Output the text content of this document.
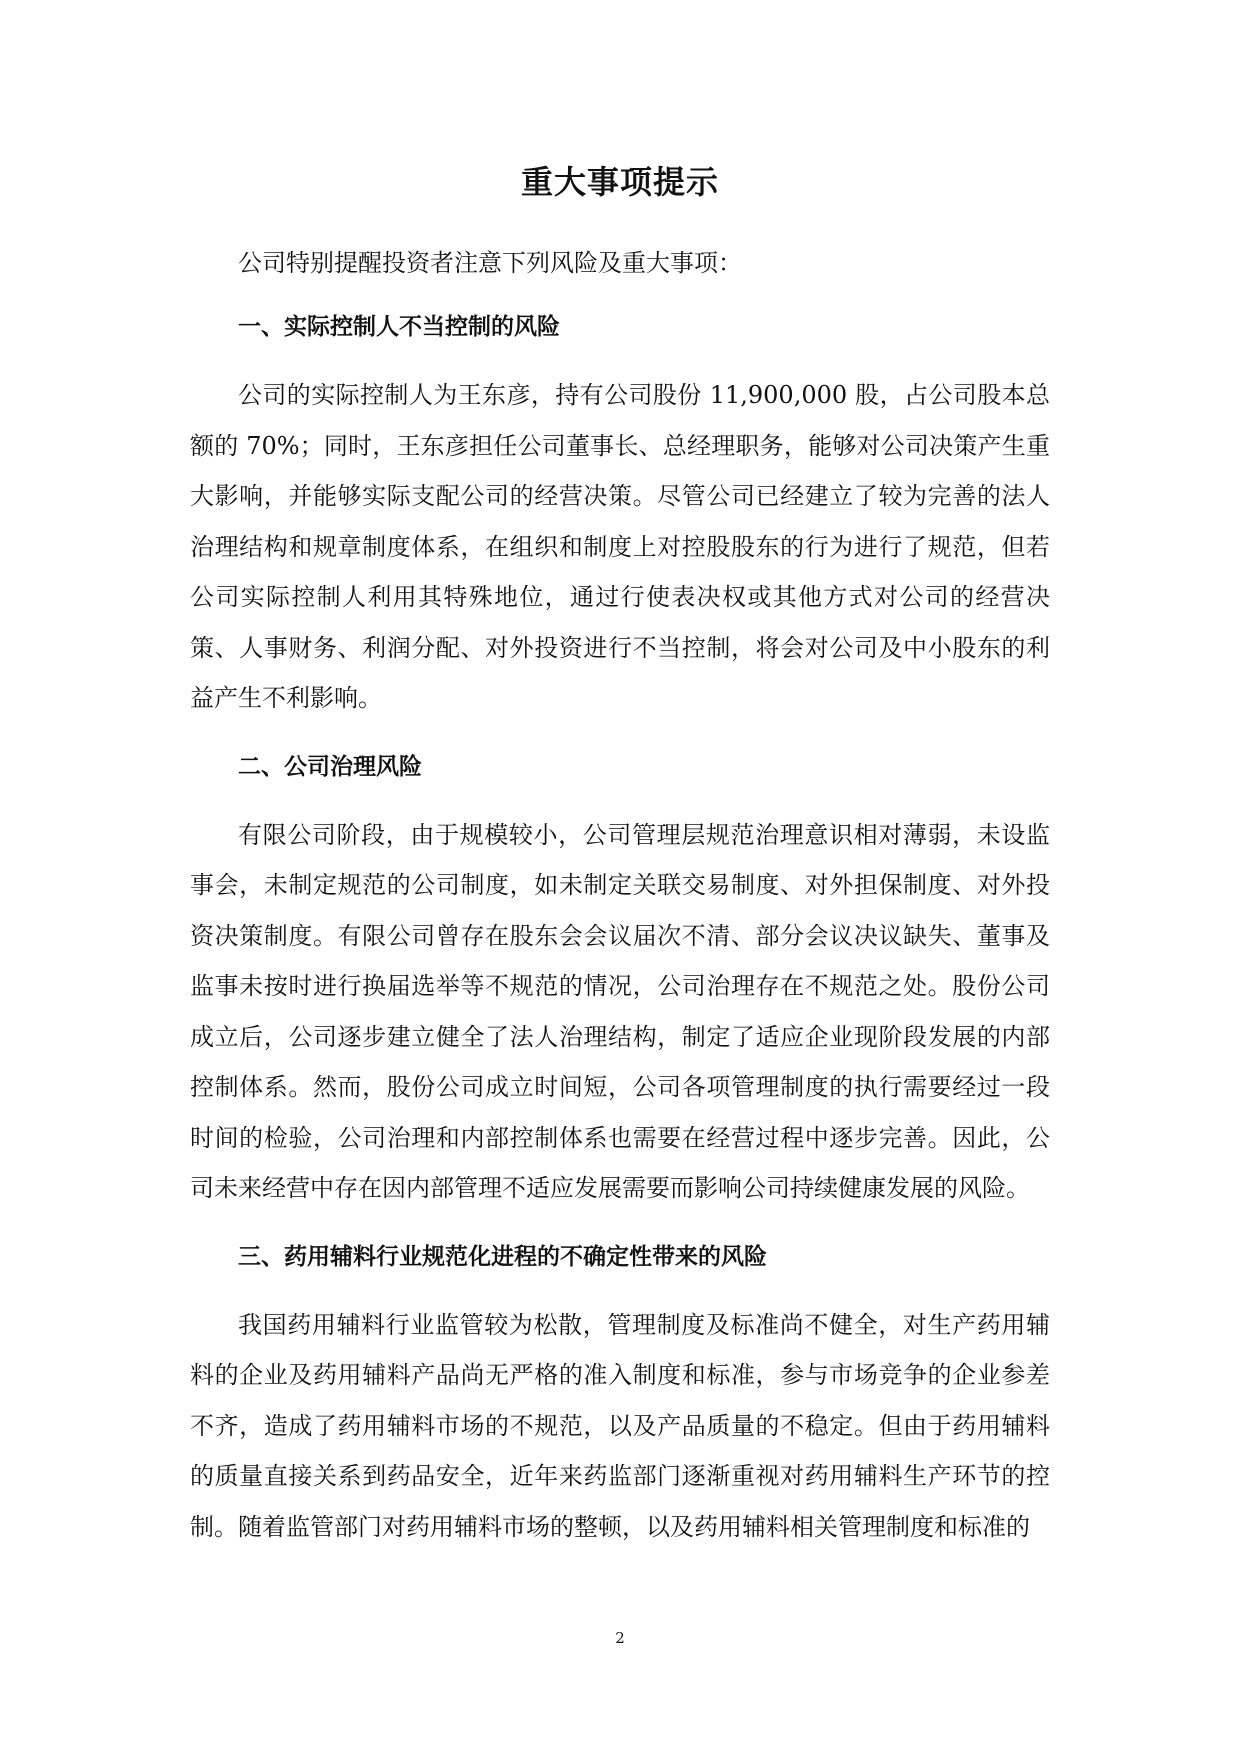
重大事项提示

公司特别提醒投资者注意下列风险及重大事项：

一、实际控制人不当控制的风险

公司的实际控制人为王东彦，持有公司股份 11,900,000 股，占公司股本总额的 70%；同时，王东彦担任公司董事长、总经理职务，能够对公司决策产生重大影响，并能够实际支配公司的经营决策。尽管公司已经建立了较为完善的法人治理结构和规章制度体系，在组织和制度上对控股股东的行为进行了规范，但若公司实际控制人利用其特殊地位，通过行使表决权或其他方式对公司的经营决策、人事财务、利润分配、对外投资进行不当控制，将会对公司及中小股东的利益产生不利影响。

二、公司治理风险

有限公司阶段，由于规模较小，公司管理层规范治理意识相对薄弱，未设监事会，未制定规范的公司制度，如未制定关联交易制度、对外担保制度、对外投资决策制度。有限公司曾存在股东会会议届次不清、部分会议决议缺失、董事及监事未按时进行换届选举等不规范的情况，公司治理存在不规范之处。股份公司成立后，公司逐步建立健全了法人治理结构，制定了适应企业现阶段发展的内部控制体系。然而，股份公司成立时间短，公司各项管理制度的执行需要经过一段时间的检验，公司治理和内部控制体系也需要在经营过程中逐步完善。因此，公司未来经营中存在因内部管理不适应发展需要而影响公司持续健康发展的风险。

三、药用辅料行业规范化进程的不确定性带来的风险

我国药用辅料行业监管较为松散，管理制度及标准尚不健全，对生产药用辅料的企业及药用辅料产品尚无严格的准入制度和标准，参与市场竞争的企业参差不齐，造成了药用辅料市场的不规范，以及产品质量的不稳定。但由于药用辅料的质量直接关系到药品安全，近年来药监部门逐渐重视对药用辅料生产环节的控制。随着监管部门对药用辅料市场的整顿，以及药用辅料相关管理制度和标准的

2
